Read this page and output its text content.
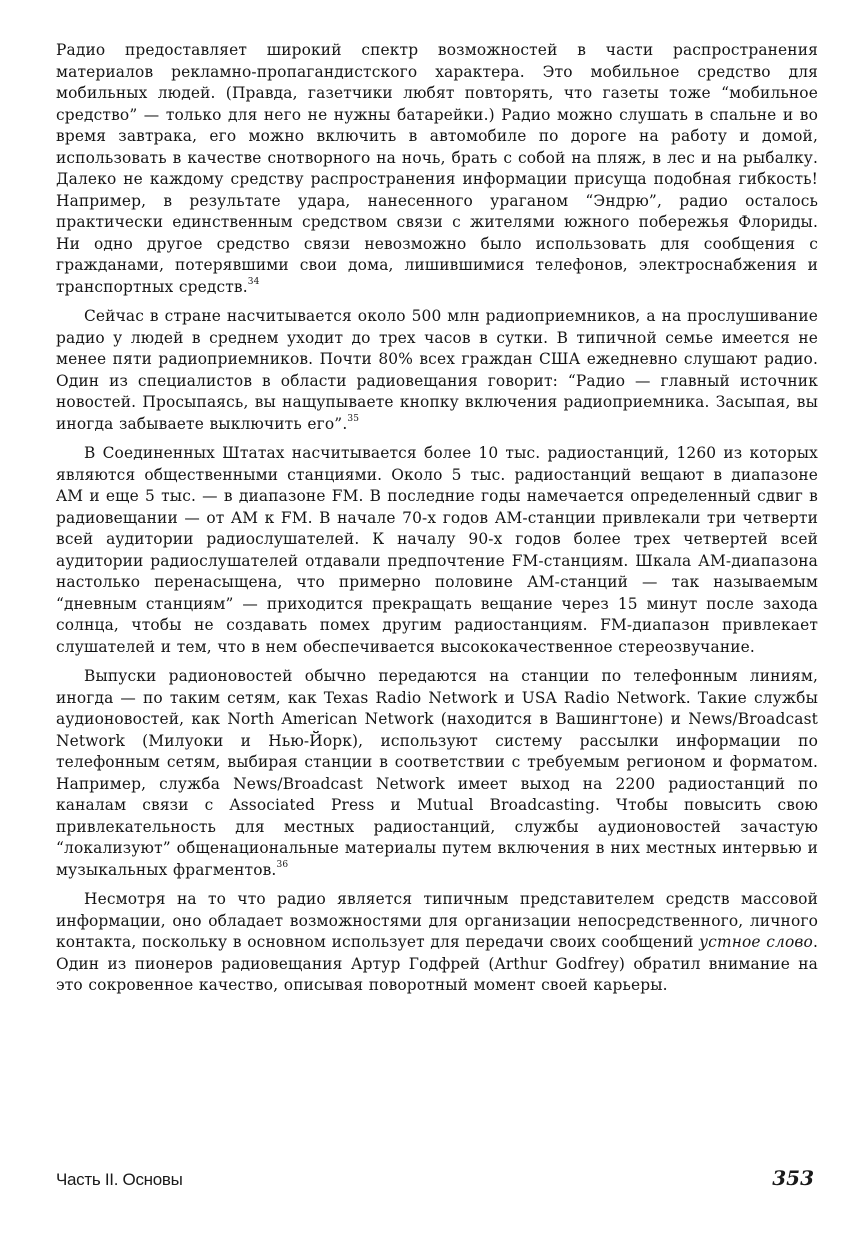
Радио предоставляет широкий спектр возможностей в части распространения материалов рекламно-пропагандистского характера. Это мобильное средство для мобильных людей. (Правда, газетчики любят повторять, что газеты тоже “мобильное средство” — только для него не нужны батарейки.) Радио можно слушать в спальне и во время завтрака, его можно включить в автомобиле по дороге на работу и домой, использовать в качестве снотворного на ночь, брать с собой на пляж, в лес и на рыбалку. Далеко не каждому средству распространения информации присуща подобная гибкость! Например, в результате удара, нанесенного ураганом “Эндрю”, радио осталось практически единственным средством связи с жителями южного побережья Флориды. Ни одно другое средство связи невозможно было использовать для сообщения с гражданами, потерявшими свои дома, лишившимися телефонов, электроснабжения и транспортных средств.$^{34}$

Сейчас в стране насчитывается около 500 млн радиоприемников, а на прослушивание радио у людей в среднем уходит до трех часов в сутки. В типичной семье имеется не менее пяти радиоприемников. Почти 80% всех граждан США ежедневно слушают радио. Один из специалистов в области радиовещания говорит: “Радио — главный источник новостей. Просыпаясь, вы нащупываете кнопку включения радиоприемника. Засыпая, вы иногда забываете выключить его”.$^{35}$

В Соединенных Штатах насчитывается более 10 тыс. радиостанций, 1260 из которых являются общественными станциями. Около 5 тыс. радиостанций вещают в диапазоне AM и еще 5 тыс. — в диапазоне FM. В последние годы намечается определенный сдвиг в радиовещании — от AM к FM. В начале 70-х годов АМ-станции привлекали три четверти всей аудитории радиослушателей. К началу 90-х годов более трех четвертей всей аудитории радиослушателей отдавали предпочтение FM-станциям. Шкала АМ-диапазона настолько перенасыщена, что примерно половине АМ-станций — так называемым “дневным станциям” — приходится прекращать вещание через 15 минут после захода солнца, чтобы не создавать помех другим радиостанциям. FM-диапазон привлекает слушателей и тем, что в нем обеспечивается высококачественное стереозвучание.

Выпуски радионовостей обычно передаются на станции по телефонным линиям, иногда — по таким сетям, как Texas Radio Network и USA Radio Network. Такие службы аудионовостей, как North American Network (находится в Вашингтоне) и News/Broadcast Network (Милуоки и Нью-Йорк), используют систему рассылки информации по телефонным сетям, выбирая станции в соответствии с требуемым регионом и форматом. Например, служба News/Broadcast Network имеет выход на 2200 радиостанций по каналам связи с Associated Press и Mutual Broadcasting. Чтобы повысить свою привлекательность для местных радиостанций, службы аудионовостей зачастую “локализуют” общенациональные материалы путем включения в них местных интервью и музыкальных фрагментов.$^{36}$

Несмотря на то что радио является типичным представителем средств массовой информации, оно обладает возможностями для организации непосредственного, личного контакта, поскольку в основном использует для передачи своих сообщений устное слово. Один из пионеров радиовещания Артур Годфрей (Arthur Godfrey) обратил внимание на это сокровенное качество, описывая поворотный момент своей карьеры.

Часть II. Основы	353
